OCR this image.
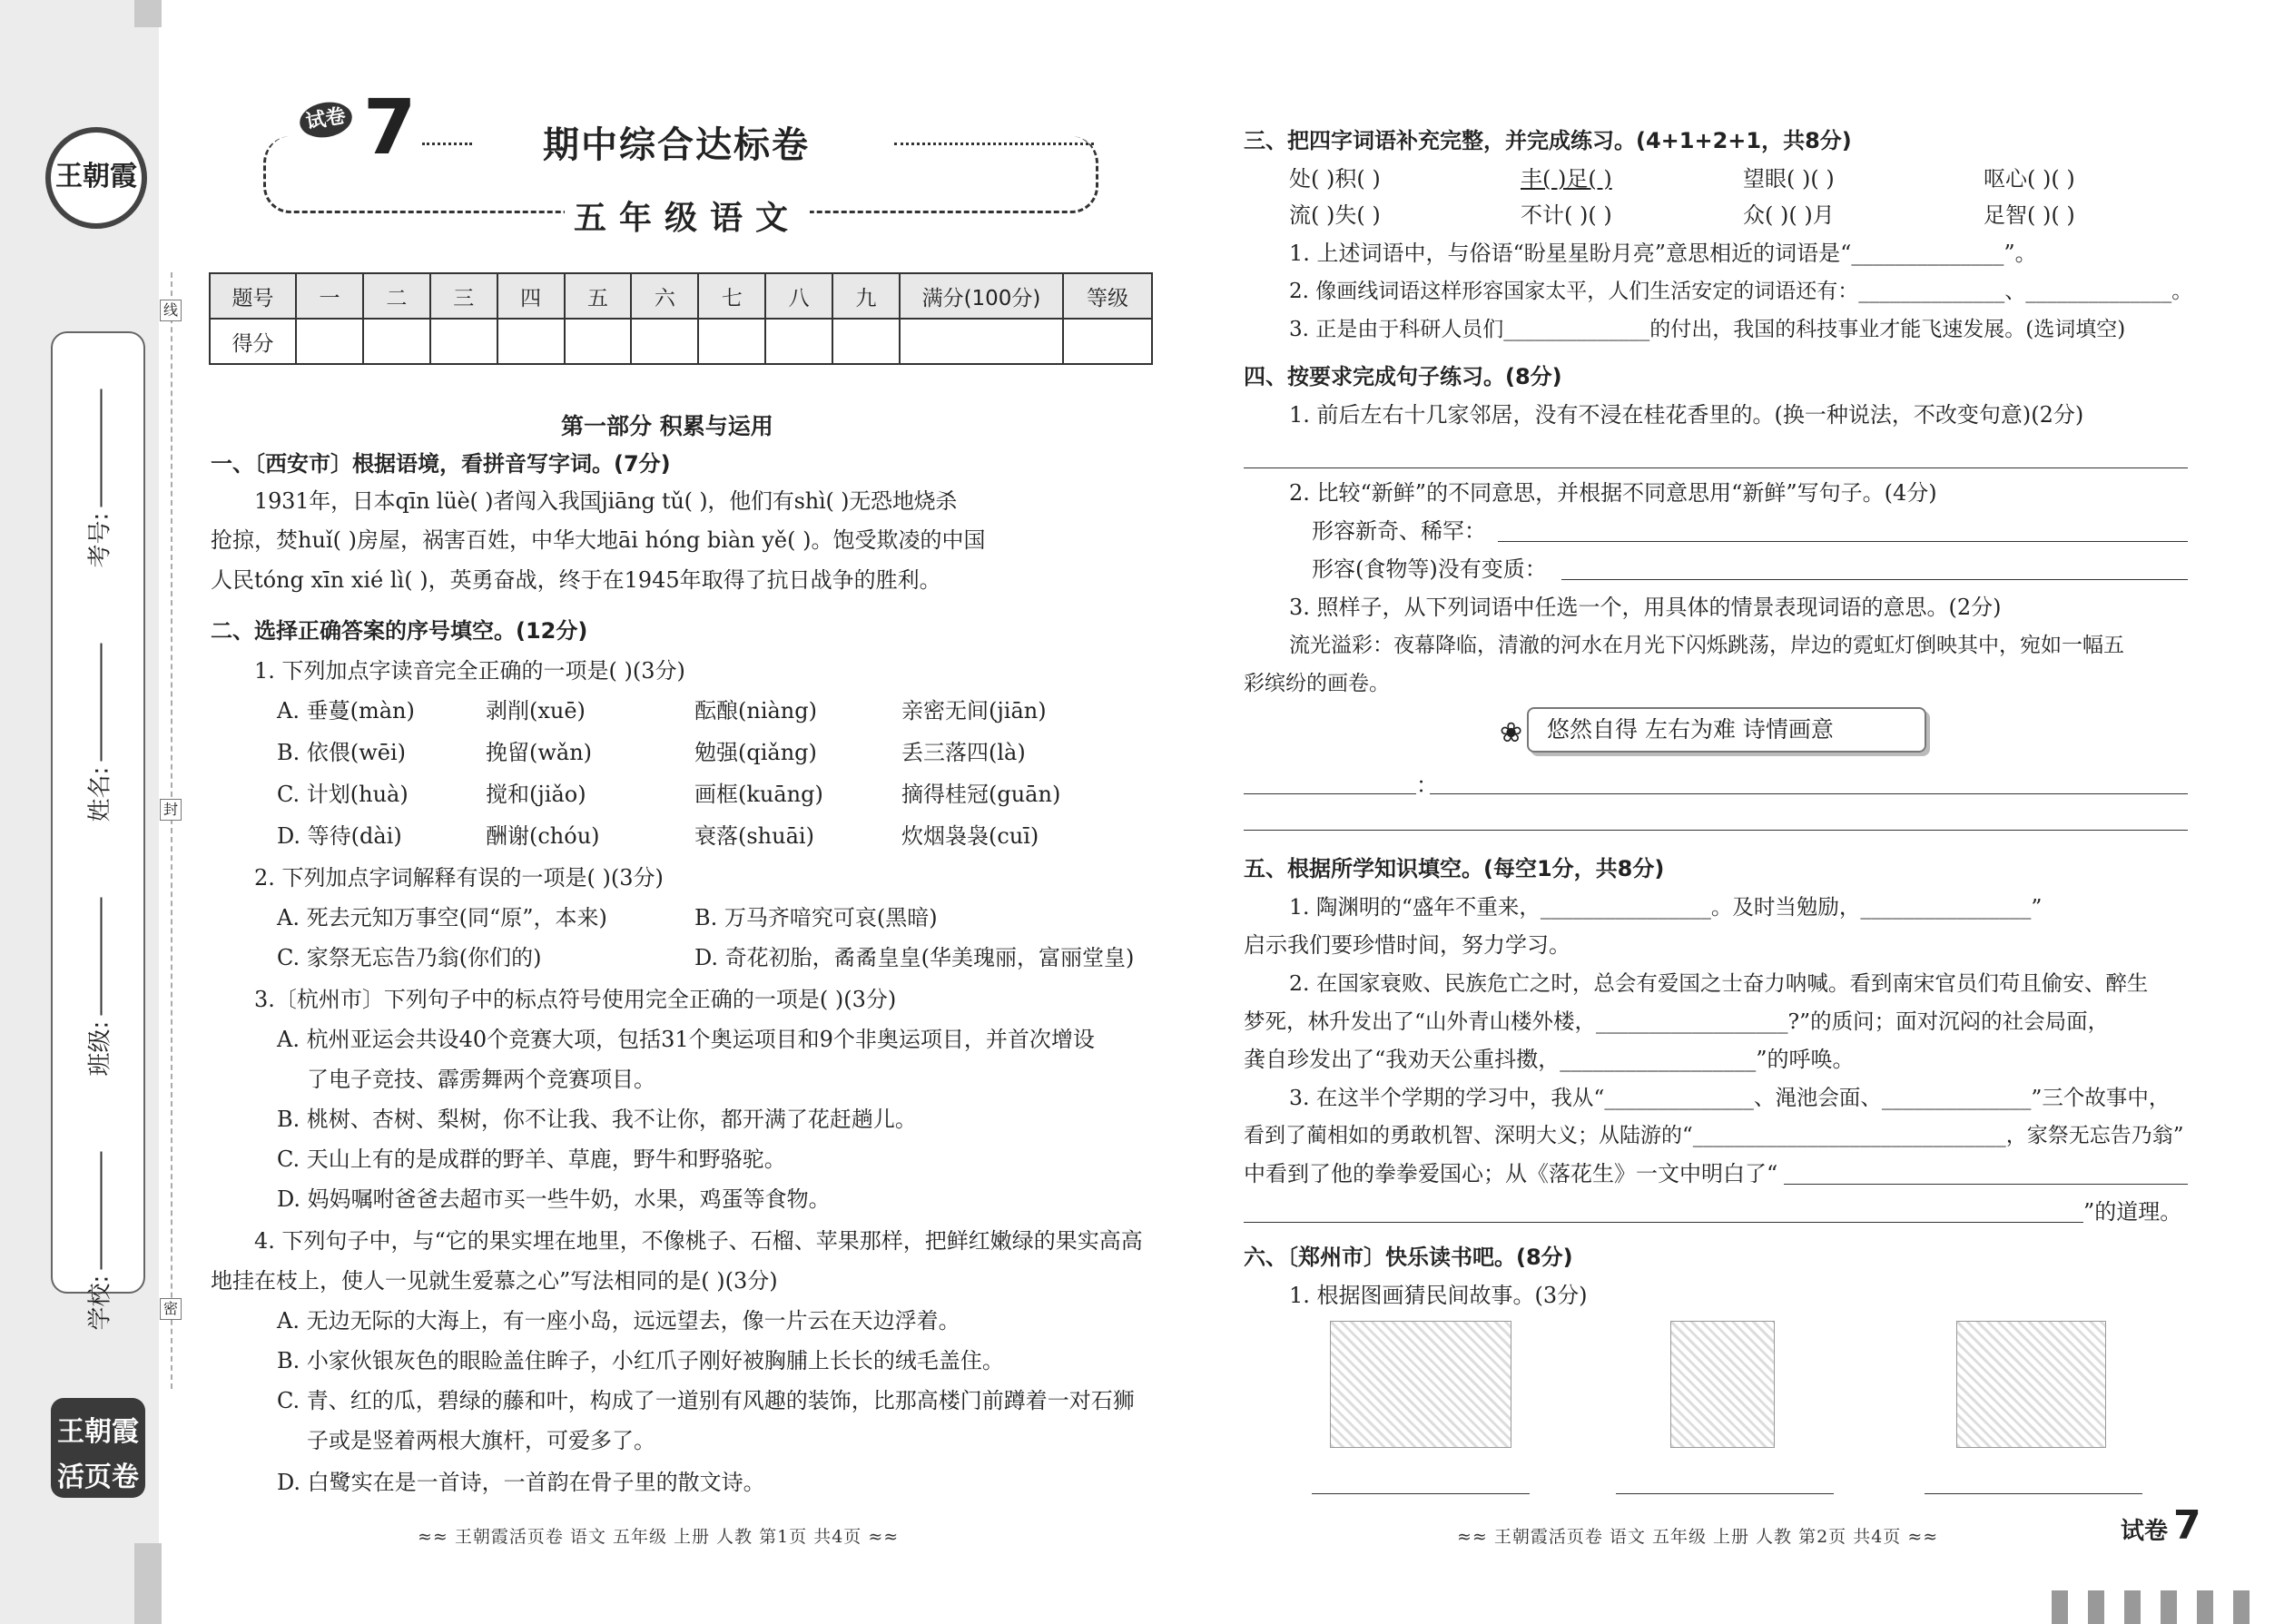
王朝霞
学校:
班级:
姓名:
考号:
王朝霞
活页卷
线
封
密
试卷 7	期中综合达标卷
五年级语文
题号	一	二	三	四	五	六	七	八	九	满分(100分)	等级
得分											
第一部分 积累与运用
一、〔西安市〕根据语境，看拼音写字词。(7分)
1931年，日本qīn lüè( )者闯入我国jiāng tǔ( )，他们有shì( )无恐地烧杀
抢掠，焚huǐ( )房屋，祸害百姓，中华大地āi hóng biàn yě( )。饱受欺凌的中国
人民tóng xīn xié lì( )，英勇奋战，终于在1945年取得了抗日战争的胜利。
二、选择正确答案的序号填空。(12分)
1. 下列加点字读音完全正确的一项是( )(3分)
A. 垂蔓(màn)	剥削(xuē)	酝酿(niàng)	亲密无间(jiān)
B. 依偎(wēi)	挽留(wǎn)	勉强(qiǎng)	丢三落四(là)
C. 计划(huà)	搅和(jiǎo)	画框(kuāng)	摘得桂冠(guān)
D. 等待(dài)	酬谢(chóu)	衰落(shuāi)	炊烟袅袅(cuī)
2. 下列加点字词解释有误的一项是( )(3分)
A. 死去元知万事空(同“原”，本来)	B. 万马齐喑究可哀(黑暗)
C. 家祭无忘告乃翁(你们的)	D. 奇花初胎，矞矞皇皇(华美瑰丽，富丽堂皇)
3.〔杭州市〕下列句子中的标点符号使用完全正确的一项是( )(3分)
A. 杭州亚运会共设40个竞赛大项，包括31个奥运项目和9个非奥运项目，并首次增设
了电子竞技、霹雳舞两个竞赛项目。
B. 桃树、杏树、梨树，你不让我、我不让你，都开满了花赶趟儿。
C. 天山上有的是成群的野羊、草鹿，野牛和野骆驼。
D. 妈妈嘱咐爸爸去超市买一些牛奶，水果，鸡蛋等食物。
4. 下列句子中，与“它的果实埋在地里，不像桃子、石榴、苹果那样，把鲜红嫩绿的果实高高
地挂在枝上，使人一见就生爱慕之心”写法相同的是( )(3分)
A. 无边无际的大海上，有一座小岛，远远望去，像一片云在天边浮着。
B. 小家伙银灰色的眼睑盖住眸子，小红爪子刚好被胸脯上长长的绒毛盖住。
C. 青、红的瓜，碧绿的藤和叶，构成了一道别有风趣的装饰，比那高楼门前蹲着一对石狮
子或是竖着两根大旗杆，可爱多了。
D. 白鹭实在是一首诗，一首韵在骨子里的散文诗。
≈≈ 王朝霞活页卷 语文 五年级 上册 人教 第1页 共4页 ≈≈
三、把四字词语补充完整，并完成练习。(4+1+2+1，共8分)
处( )积( )	丰( )足( )	望眼( )( )	呕心( )( )
流( )失( )	不计( )( )	众( )( )月	足智( )( )
1. 上述词语中，与俗语“盼星星盼月亮”意思相近的词语是“______________”。
2. 像画线词语这样形容国家太平，人们生活安定的词语还有：______________、______________。
3. 正是由于科研人员们______________的付出，我国的科技事业才能飞速发展。(选词填空)
四、按要求完成句子练习。(8分)
1. 前后左右十几家邻居，没有不浸在桂花香里的。(换一种说法，不改变句意)(2分)
2. 比较“新鲜”的不同意思，并根据不同意思用“新鲜”写句子。(4分)
形容新奇、稀罕：
形容(食物等)没有变质：
3. 照样子，从下列词语中任选一个，用具体的情景表现词语的意思。(2分)
流光溢彩：夜幕降临，清澈的河水在月光下闪烁跳荡，岸边的霓虹灯倒映其中，宛如一幅五
彩缤纷的画卷。
❀	悠然自得 左右为难 诗情画意
：
五、根据所学知识填空。(每空1分，共8分)
1. 陶渊明的“盛年不重来，________________。及时当勉励，________________”
启示我们要珍惜时间，努力学习。
2. 在国家衰败、民族危亡之时，总会有爱国之士奋力呐喊。看到南宋官员们苟且偷安、醉生
梦死，林升发出了“山外青山楼外楼，__________________?”的质问；面对沉闷的社会局面，
龚自珍发出了“我劝天公重抖擞，__________________”的呼唤。
3. 在这半个学期的学习中，我从“______________、渑池会面、______________”三个故事中，
看到了蔺相如的勇敢机智、深明大义；从陆游的“______________________________，家祭无忘告乃翁”
中看到了他的拳拳爱国心；从《落花生》一文中明白了“
”的道理。
六、〔郑州市〕快乐读书吧。(8分)
1. 根据图画猜民间故事。(3分)
≈≈ 王朝霞活页卷 语文 五年级 上册 人教 第2页 共4页 ≈≈	试卷 7
